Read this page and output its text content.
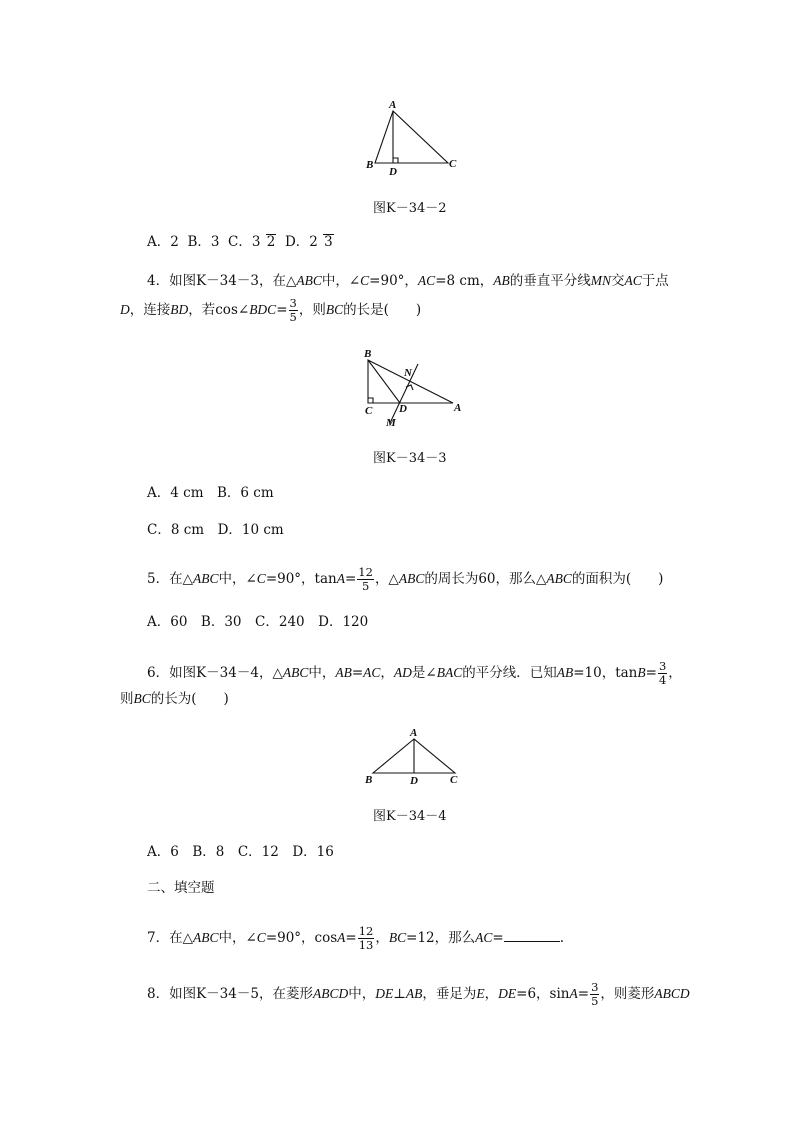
A
B	C
D
图K－34－2
A．2 B．3 C．3 2 D．2 3
4．如图K－34－3，在△ABC中，∠C=90°，AC=8 cm，AB的垂直平分线MN交AC于点
D，连接BD，若cos∠BDC= $\frac{3}{5}$ ，则BC的长是(　　)
B
N
C D	A
M
图K－34－3
A．4 cm　B．6 cm
C．8 cm　D．10 cm
5．在△ABC中，∠C=90°，$\tan A= \frac{12}{5}$ ，△ABC的周长为60，那么△ABC的面积为(　　)
A．60　B．30　C．240　D．120
6．如图K－34－4，△ABC中，AB=AC，AD是∠BAC的平分线．已知AB=10，$\tan B= \frac{3}{4}$ ，
则BC的长为(　　)
A
B	D	C
图K－34－4
A．6　B．8　C．12　D．16
二、填空题
7．在△ABC中，∠C=90°，$\cos A= \frac{12}{13}$ ，BC=12，那么AC=	.
8．如图K－34－5，在菱形ABCD中，DE⊥AB，垂足为E，DE=6，$\sin A= \frac{3}{5}$ ，则菱形ABCD
